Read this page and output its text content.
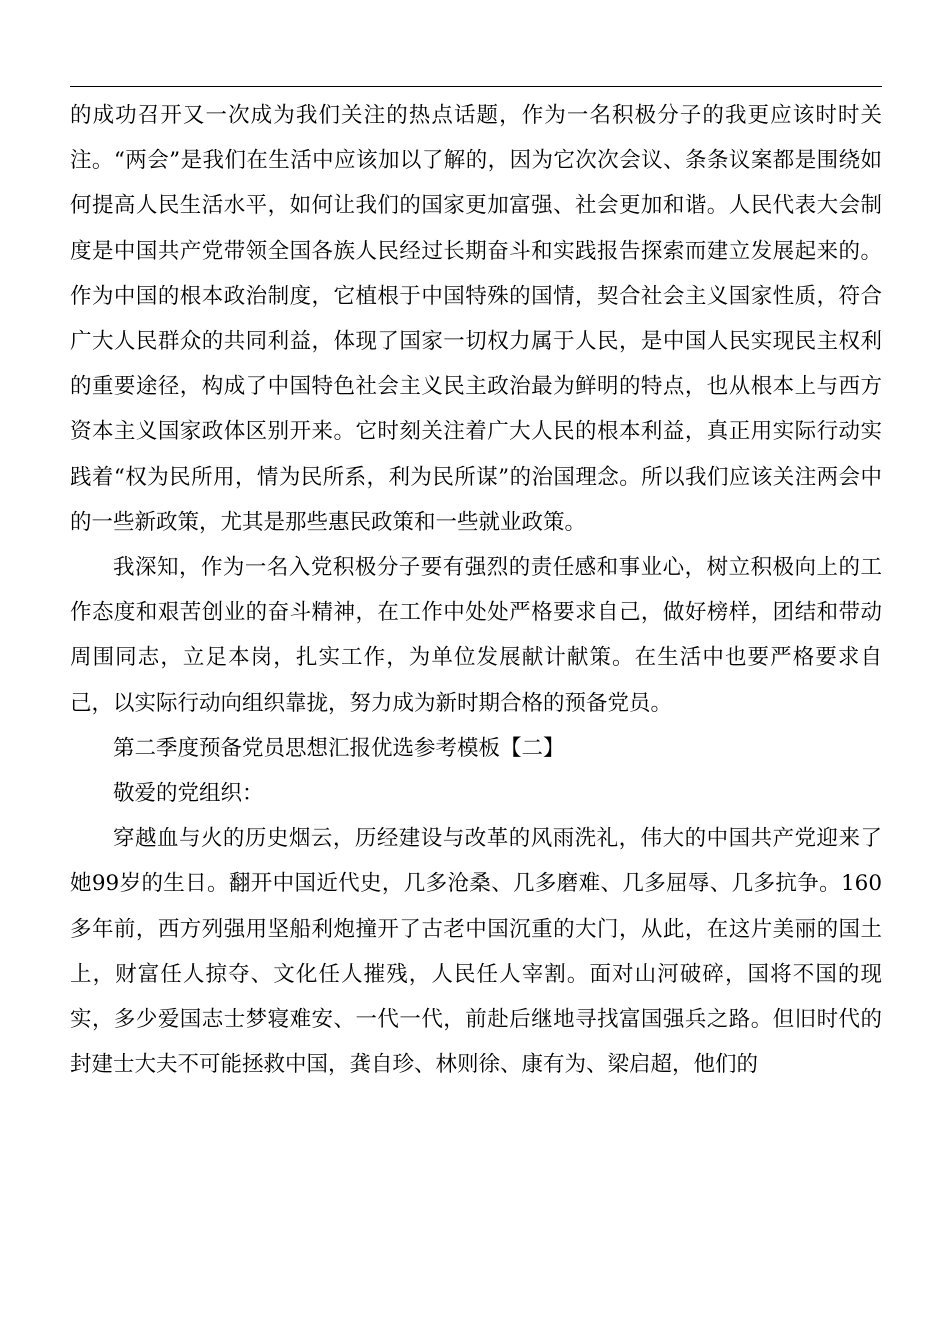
的成功召开又一次成为我们关注的热点话题，作为一名积极分子的我更应该时时关注。“两会”是我们在生活中应该加以了解的，因为它次次会议、条条议案都是围绕如何提高人民生活水平，如何让我们的国家更加富强、社会更加和谐。人民代表大会制度是中国共产党带领全国各族人民经过长期奋斗和实践报告探索而建立发展起来的。作为中国的根本政治制度，它植根于中国特殊的国情，契合社会主义国家性质，符合广大人民群众的共同利益，体现了国家一切权力属于人民，是中国人民实现民主权利的重要途径，构成了中国特色社会主义民主政治最为鲜明的特点，也从根本上与西方资本主义国家政体区别开来。它时刻关注着广大人民的根本利益，真正用实际行动实践着“权为民所用，情为民所系，利为民所谋”的治国理念。所以我们应该关注两会中的一些新政策，尤其是那些惠民政策和一些就业政策。

我深知，作为一名入党积极分子要有强烈的责任感和事业心，树立积极向上的工作态度和艰苦创业的奋斗精神，在工作中处处严格要求自己，做好榜样，团结和带动周围同志，立足本岗，扎实工作，为单位发展献计献策。在生活中也要严格要求自己，以实际行动向组织靠拢，努力成为新时期合格的预备党员。

第二季度预备党员思想汇报优选参考模板【二】

敬爱的党组织：

穿越血与火的历史烟云，历经建设与改革的风雨洗礼，伟大的中国共产党迎来了她99岁的生日。翻开中国近代史，几多沧桑、几多磨难、几多屈辱、几多抗争。160多年前，西方列强用坚船利炮撞开了古老中国沉重的大门，从此，在这片美丽的国土上，财富任人掠夺、文化任人摧残，人民任人宰割。面对山河破碎，国将不国的现实，多少爱国志士梦寝难安、一代一代，前赴后继地寻找富国强兵之路。但旧时代的封建士大夫不可能拯救中国，龚自珍、林则徐、康有为、梁启超，他们的
